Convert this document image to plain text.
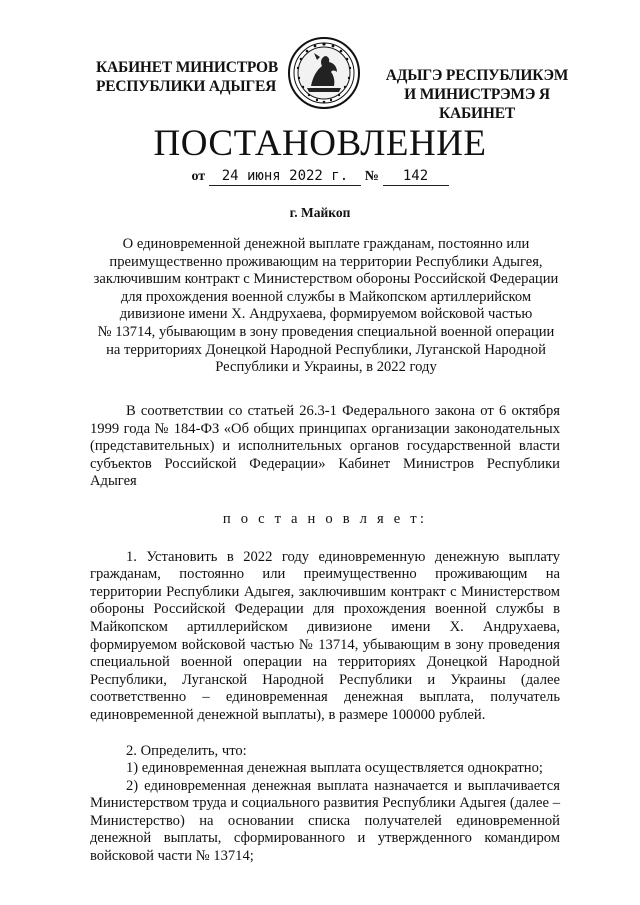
КАБИНЕТ МИНИСТРОВ
РЕСПУБЛИКИ АДЫГЕЯ
АДЫГЭ РЕСПУБЛИКЭМ
И МИНИСТРЭМЭ Я КАБИНЕТ
ПОСТАНОВЛЕНИЕ
от 24 июня 2022 г. № 142
г. Майкоп
О единовременной денежной выплате гражданам, постоянно или
преимущественно проживающим на территории Республики Адыгея,
заключившим контракт с Министерством обороны Российской Федерации
для прохождения военной службы в Майкопском артиллерийском
дивизионе имени Х. Андрухаева, формируемом войсковой частью
№ 13714, убывающим в зону проведения специальной военной операции
на территориях Донецкой Народной Республики, Луганской Народной
Республики и Украины, в 2022 году

В соответствии со статьей 26.3-1 Федерального закона от 6 октября 1999 года № 184-ФЗ «Об общих принципах организации законодательных (представительных) и исполнительных органов государственной власти субъектов Российской Федерации» Кабинет Министров Республики Адыгея

п о с т а н о в л я е т:

1. Установить в 2022 году единовременную денежную выплату гражданам, постоянно или преимущественно проживающим на территории Республики Адыгея, заключившим контракт с Министерством обороны Российской Федерации для прохождения военной службы в Майкопском артиллерийском дивизионе имени Х. Андрухаева, формируемом войсковой частью № 13714, убывающим в зону проведения специальной военной операции на территориях Донецкой Народной Республики, Луганской Народной Республики и Украины (далее соответственно – единовременная денежная выплата, получатель единовременной денежной выплаты), в размере 100000 рублей.

2. Определить, что:

1) единовременная денежная выплата осуществляется однократно;

2) единовременная денежная выплата назначается и выплачивается Министерством труда и социального развития Республики Адыгея (далее – Министерство) на основании списка получателей единовременной денежной выплаты, сформированного и утвержденного командиром войсковой части № 13714;
